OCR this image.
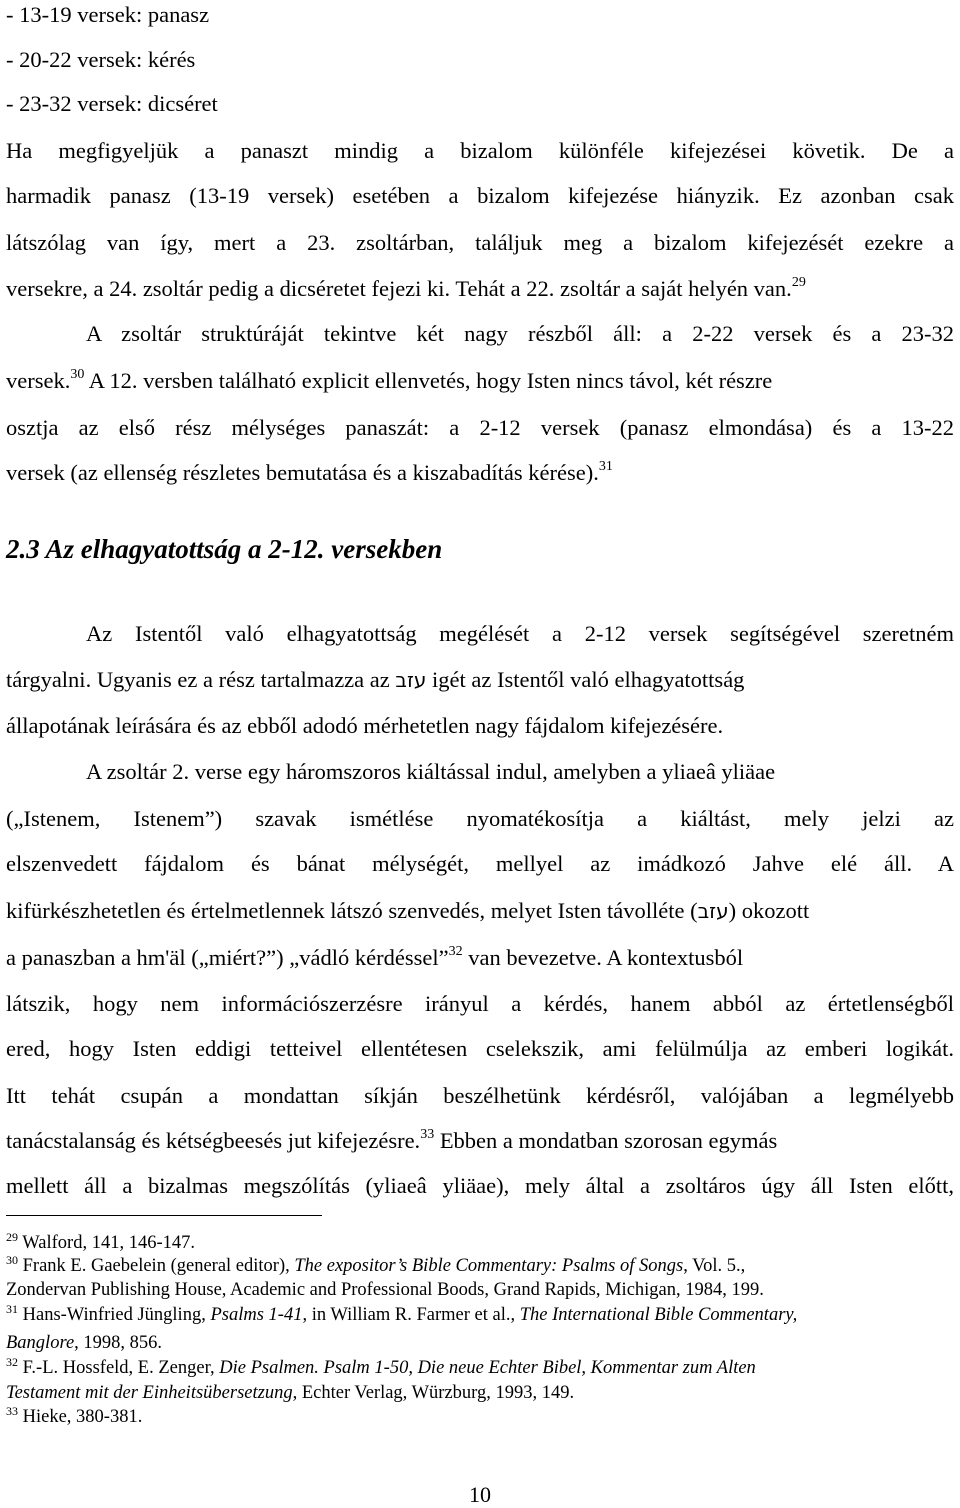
- 13-19 versek: panasz
- 20-22 versek: kérés
- 23-32 versek: dicséret
Ha megfigyeljük a panaszt mindig a bizalom különféle kifejezései követik. De a
harmadik panasz (13-19 versek) esetében a bizalom kifejezése hiányzik. Ez azonban csak
látszólag van így, mert a 23. zsoltárban, találjuk meg a bizalom kifejezését ezekre a
versekre, a 24. zsoltár pedig a dicséretet fejezi ki. Tehát a 22. zsoltár a saját helyén van.$^{29}$
A zsoltár struktúráját tekintve két nagy részből áll: a 2-22 versek és a 23-32
versek.$^{30}$ A 12. versben található explicit ellenvetés, hogy Isten nincs távol, két részre
osztja az első rész mélységes panaszát: a 2-12 versek (panasz elmondása) és a 13-22
versek (az ellenség részletes bemutatása és a kiszabadítás kérése).$^{31}$
2.3 Az elhagyatottság a 2-12. versekben
Az Istentől való elhagyatottság megélését a 2-12 versek segítségével szeretném
tárgyalni. Ugyanis ez a rész tartalmazza az עזב igét az Istentől való elhagyatottság
állapotának leírására és az ebből adodó mérhetetlen nagy fájdalom kifejezésére.
A zsoltár 2. verse egy háromszoros kiáltással indul, amelyben a yliaeâ yliäae
(„Istenem, Istenem”) szavak ismétlése nyomatékosítja a kiáltást, mely jelzi az
elszenvedett fájdalom és bánat mélységét, mellyel az imádkozó Jahve elé áll. A
kifürkészhetetlen és értelmetlennek látszó szenvedés, melyet Isten távolléte (עזב) okozott
a panaszban a hm'äl („miért?”) „vádló kérdéssel”$^{32}$ van bevezetve. A kontextusból
látszik, hogy nem információszerzésre irányul a kérdés, hanem abból az értetlenségből
ered, hogy Isten eddigi tetteivel ellentétesen cselekszik, ami felülmúlja az emberi logikát.
Itt tehát csupán a mondattan síkján beszélhetünk kérdésről, valójában a legmélyebb
tanácstalanság és kétségbeesés jut kifejezésre.$^{33}$ Ebben a mondatban szorosan egymás
mellett áll a bizalmas megszólítás (yliaeâ yliäae), mely által a zsoltáros úgy áll Isten előtt,
$^{29}$ Walford, 141, 146-147.
$^{30}$ Frank E. Gaebelein (general editor), The expositor’s Bible Commentary: Psalms of Songs, Vol. 5.,
Zondervan Publishing House, Academic and Professional Boods, Grand Rapids, Michigan, 1984, 199.
$^{31}$ Hans-Winfried Jüngling, Psalms 1-41, in William R. Farmer et al., The International Bible Commentary,
Banglore, 1998, 856.
$^{32}$ F.-L. Hossfeld, E. Zenger, Die Psalmen. Psalm 1-50, Die neue Echter Bibel, Kommentar zum Alten
Testament mit der Einheitsübersetzung, Echter Verlag, Würzburg, 1993, 149.
$^{33}$ Hieke, 380-381.
10
